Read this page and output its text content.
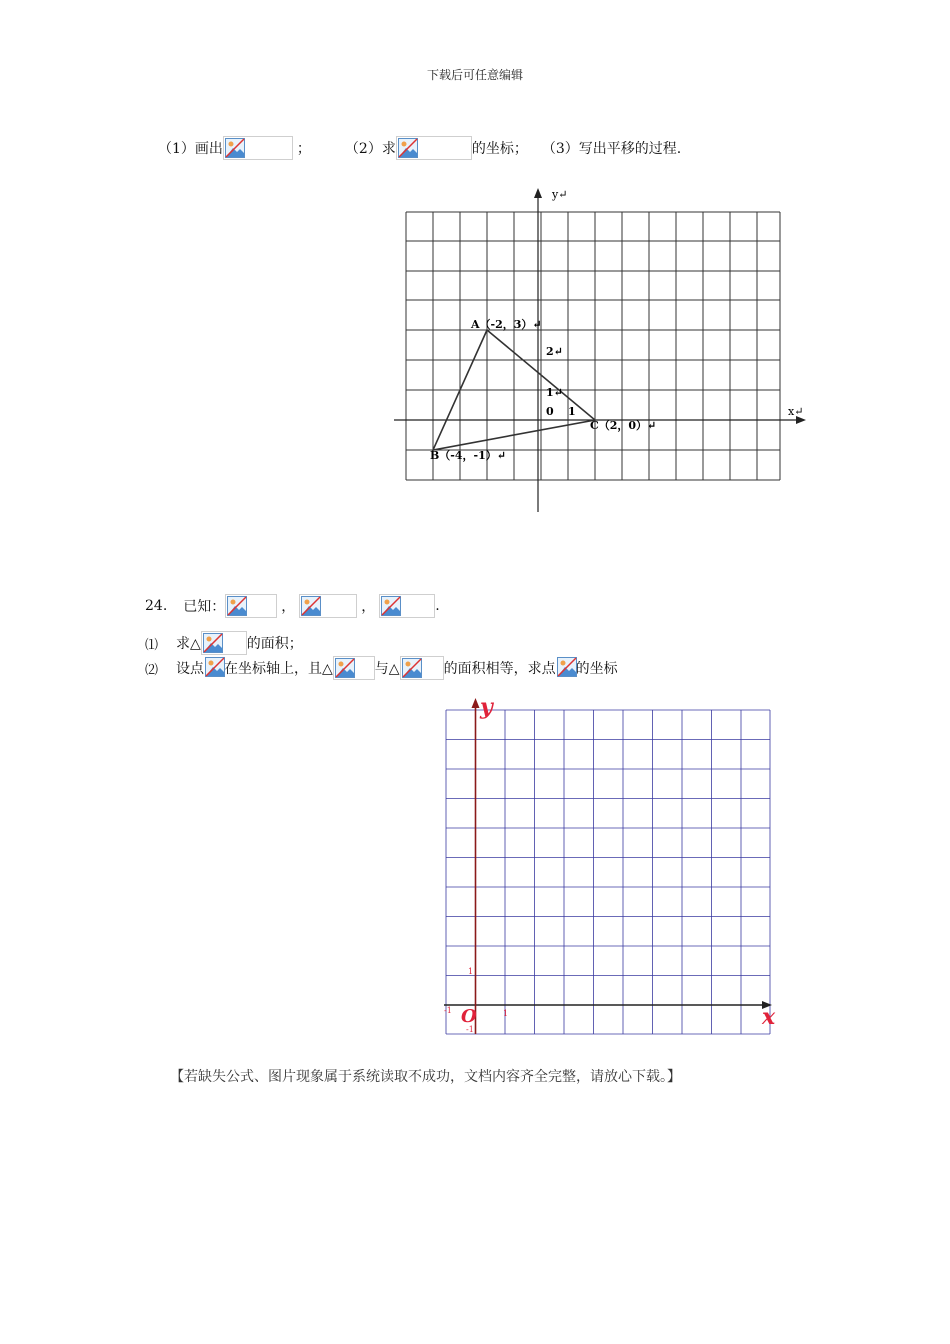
下载后可任意编辑
（1）画出	； （2）求	的坐标； （3）写出平移的过程.
y↵
x↵
A（-2，3）↵
B（-4，-1）↵
C（2，0）↵
2↵
1↵
0 1
24. 已知：	，	，	.
⑴ 求△	的面积；
⑵ 设点 在坐标轴上，且△	与△	的面积相等，求点 的坐标
y
x
O
1
1
-1
-1
【若缺失公式、图片现象属于系统读取不成功，文档内容齐全完整，请放心下载。】
